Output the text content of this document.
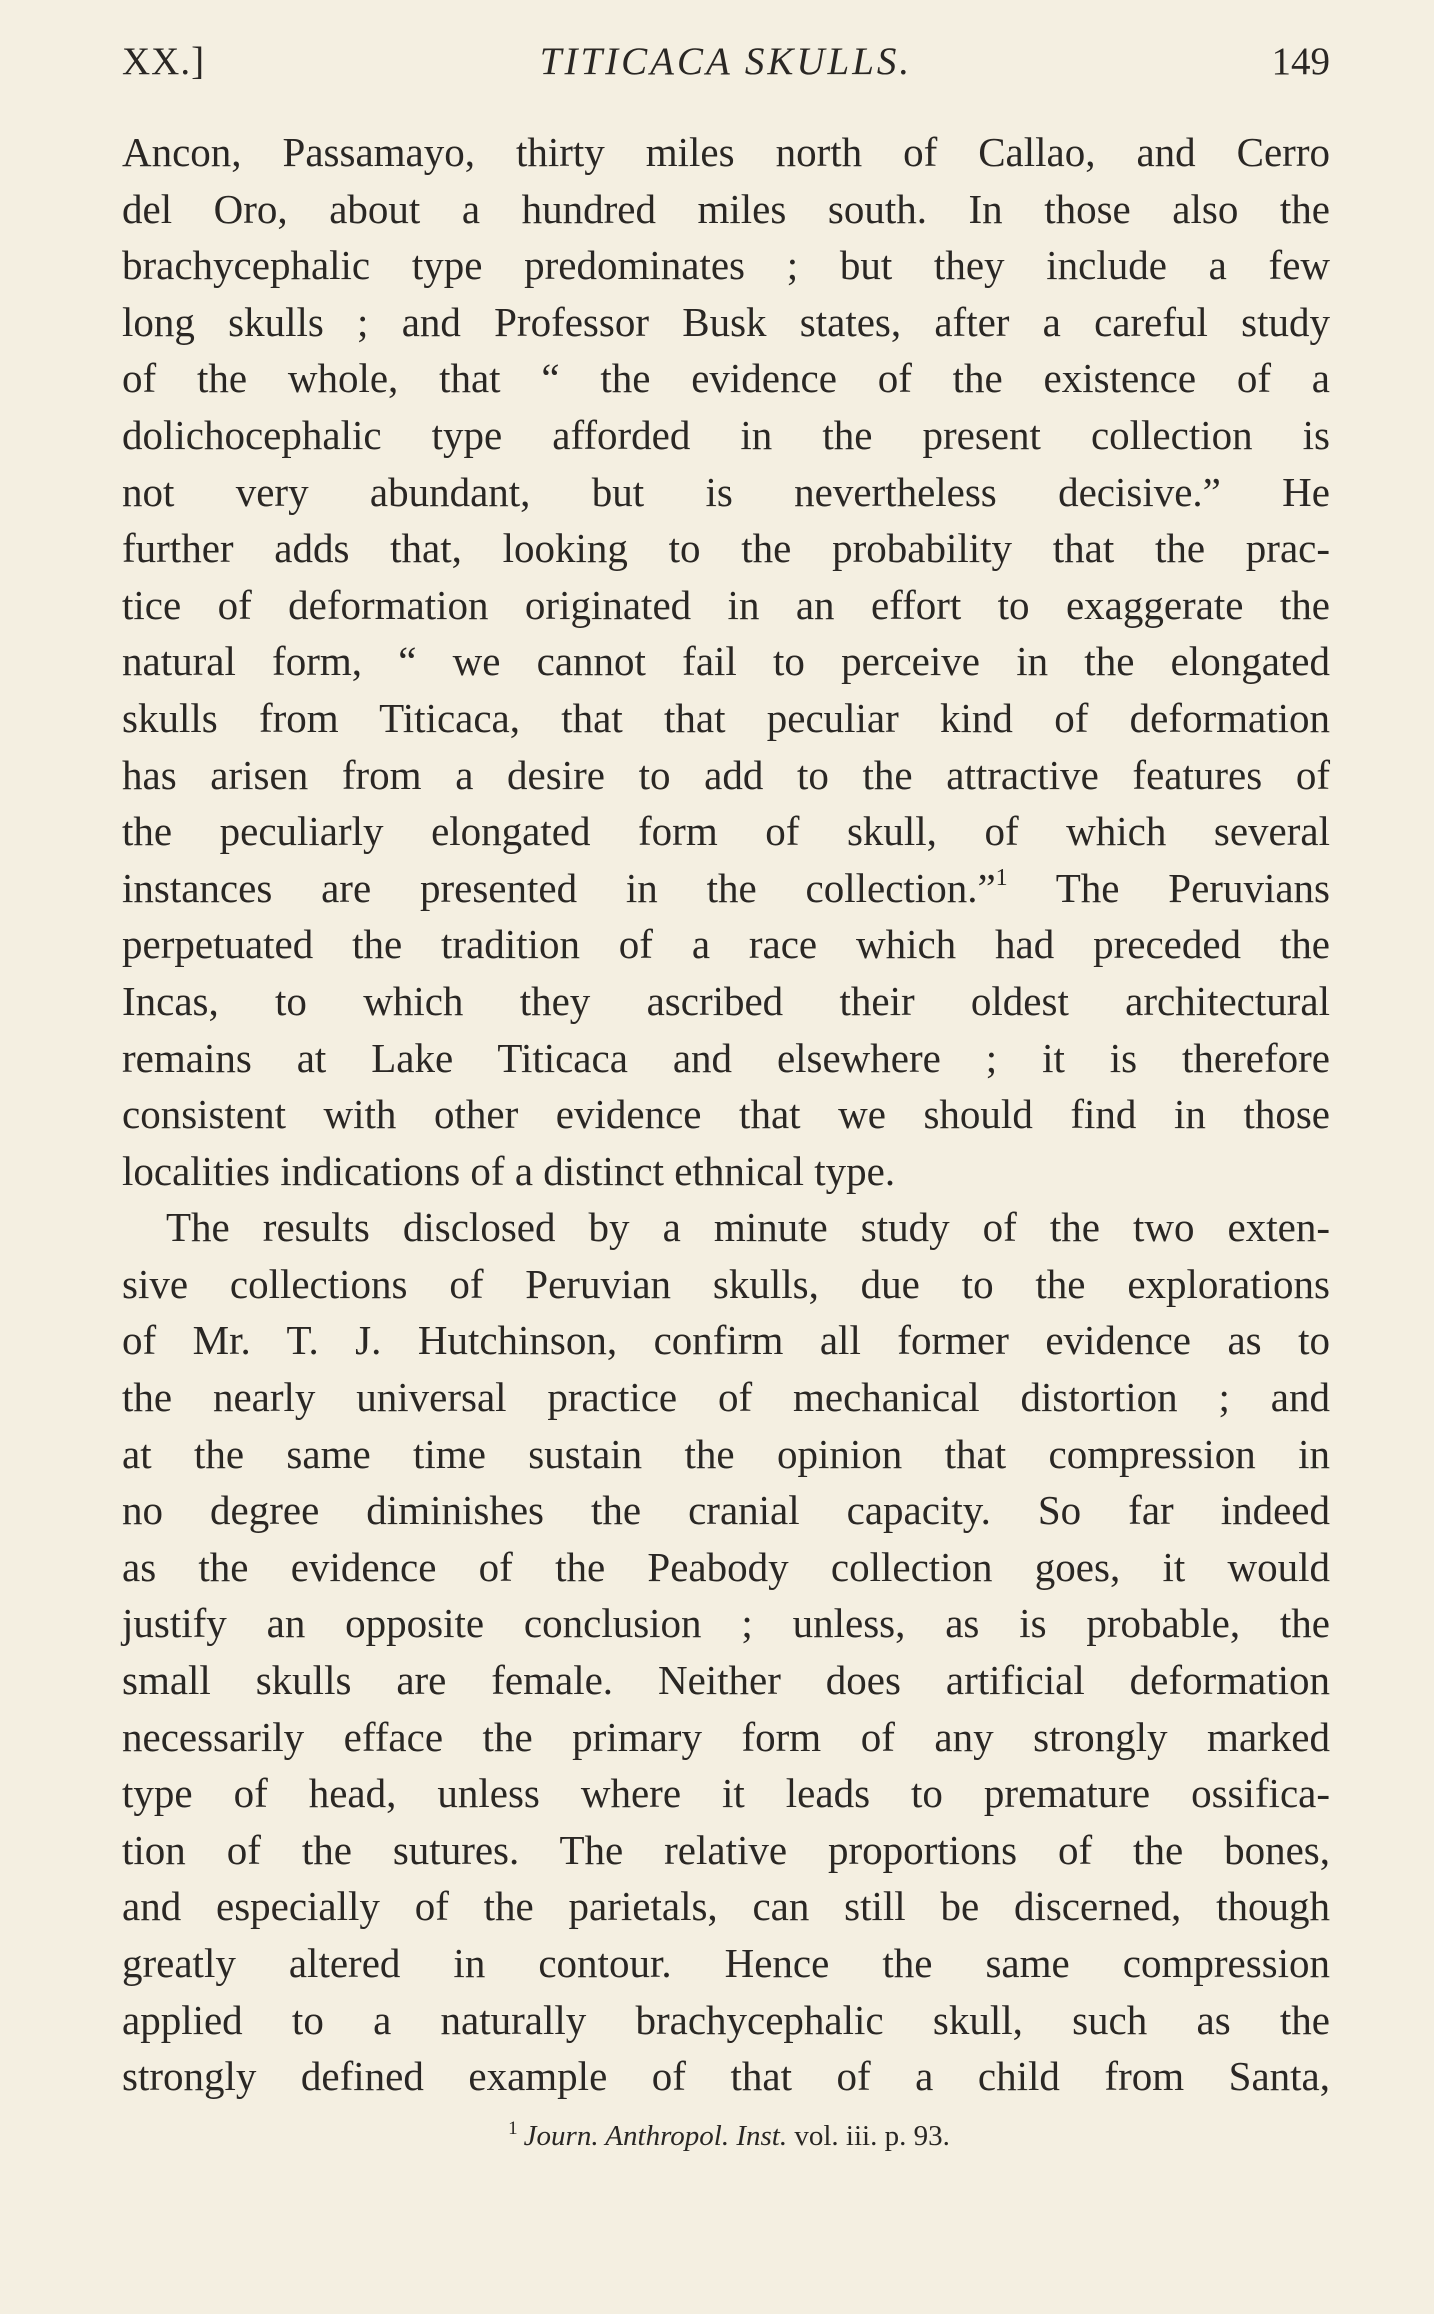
XX.]	TITICACA SKULLS.	149
Ancon, Passamayo, thirty miles north of Callao, and Cerro
del Oro, about a hundred miles south. In those also the
brachycephalic type predominates ; but they include a few
long skulls ; and Professor Busk states, after a careful study
of the whole, that “ the evidence of the existence of a
dolichocephalic type afforded in the present collection is
not very abundant, but is nevertheless decisive.” He
further adds that, looking to the probability that the prac-
tice of deformation originated in an effort to exaggerate the
natural form, “ we cannot fail to perceive in the elongated
skulls from Titicaca, that that peculiar kind of deformation
has arisen from a desire to add to the attractive features of
the peculiarly elongated form of skull, of which several
instances are presented in the collection.”$^1$ The Peruvians
perpetuated the tradition of a race which had preceded the
Incas, to which they ascribed their oldest architectural
remains at Lake Titicaca and elsewhere ; it is therefore
consistent with other evidence that we should find in those
localities indications of a distinct ethnical type.
The results disclosed by a minute study of the two exten-
sive collections of Peruvian skulls, due to the explorations
of Mr. T. J. Hutchinson, confirm all former evidence as to
the nearly universal practice of mechanical distortion ; and
at the same time sustain the opinion that compression in
no degree diminishes the cranial capacity. So far indeed
as the evidence of the Peabody collection goes, it would
justify an opposite conclusion ; unless, as is probable, the
small skulls are female. Neither does artificial deformation
necessarily efface the primary form of any strongly marked
type of head, unless where it leads to premature ossifica-
tion of the sutures. The relative proportions of the bones,
and especially of the parietals, can still be discerned, though
greatly altered in contour. Hence the same compression
applied to a naturally brachycephalic skull, such as the
strongly defined example of that of a child from Santa,
$^1$ Journ. Anthropol. Inst. vol. iii. p. 93.
